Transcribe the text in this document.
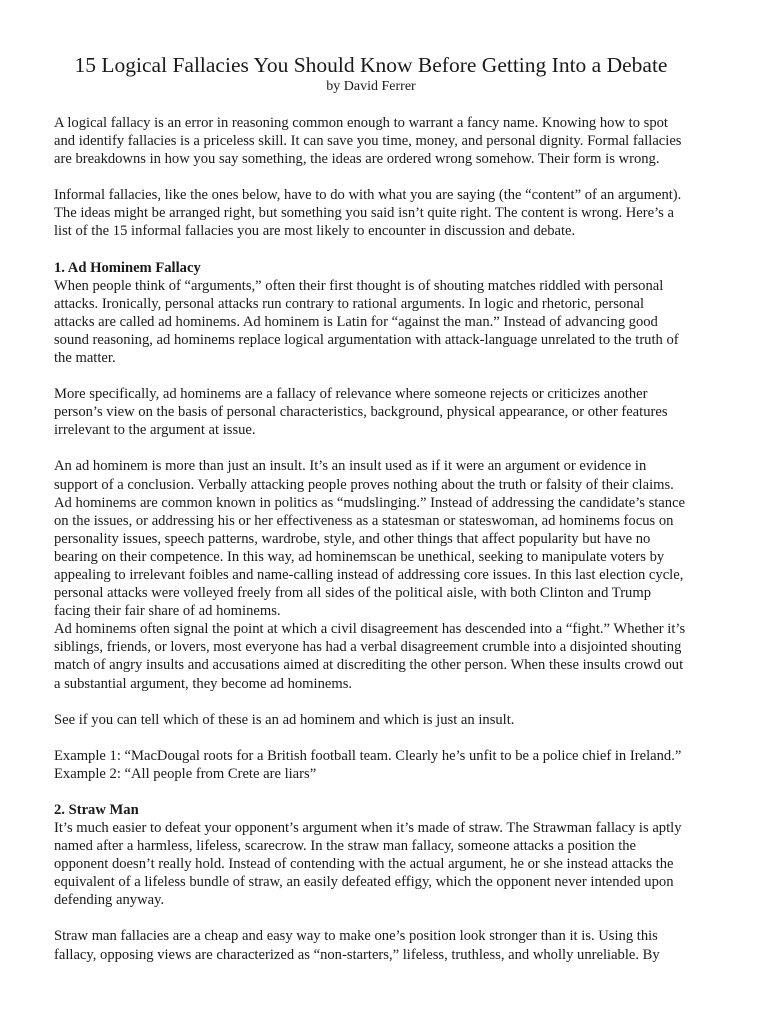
15 Logical Fallacies You Should Know Before Getting Into a Debate
by David Ferrer

A logical fallacy is an error in reasoning common enough to warrant a fancy name. Knowing how to spot and identify fallacies is a priceless skill. It can save you time, money, and personal dignity. Formal fallacies are breakdowns in how you say something, the ideas are ordered wrong somehow. Their form is wrong.

Informal fallacies, like the ones below, have to do with what you are saying (the “content” of an argument). The ideas might be arranged right, but something you said isn’t quite right. The content is wrong. Here’s a list of the 15 informal fallacies you are most likely to encounter in discussion and debate.

1. Ad Hominem Fallacy

When people think of “arguments,” often their first thought is of shouting matches riddled with personal attacks. Ironically, personal attacks run contrary to rational arguments. In logic and rhetoric, personal attacks are called ad hominems. Ad hominem is Latin for “against the man.” Instead of advancing good sound reasoning, ad hominems replace logical argumentation with attack-language unrelated to the truth of the matter.

More specifically, ad hominems are a fallacy of relevance where someone rejects or criticizes another person’s view on the basis of personal characteristics, background, physical appearance, or other features irrelevant to the argument at issue.

An ad hominem is more than just an insult. It’s an insult used as if it were an argument or evidence in support of a conclusion. Verbally attacking people proves nothing about the truth or falsity of their claims. Ad hominems are common known in politics as “mudslinging.” Instead of addressing the candidate’s stance on the issues, or addressing his or her effectiveness as a statesman or stateswoman, ad hominems focus on personality issues, speech patterns, wardrobe, style, and other things that affect popularity but have no bearing on their competence. In this way, ad hominemscan be unethical, seeking to manipulate voters by appealing to irrelevant foibles and name-calling instead of addressing core issues. In this last election cycle, personal attacks were volleyed freely from all sides of the political aisle, with both Clinton and Trump facing their fair share of ad hominems.

Ad hominems often signal the point at which a civil disagreement has descended into a “fight.” Whether it’s siblings, friends, or lovers, most everyone has had a verbal disagreement crumble into a disjointed shouting match of angry insults and accusations aimed at discrediting the other person. When these insults crowd out a substantial argument, they become ad hominems.

See if you can tell which of these is an ad hominem and which is just an insult.

Example 1: “MacDougal roots for a British football team. Clearly he’s unfit to be a police chief in Ireland.”

Example 2: “All people from Crete are liars”

2. Straw Man

It’s much easier to defeat your opponent’s argument when it’s made of straw. The Strawman fallacy is aptly named after a harmless, lifeless, scarecrow. In the straw man fallacy, someone attacks a position the opponent doesn’t really hold. Instead of contending with the actual argument, he or she instead attacks the equivalent of a lifeless bundle of straw, an easily defeated effigy, which the opponent never intended upon defending anyway.

Straw man fallacies are a cheap and easy way to make one’s position look stronger than it is. Using this fallacy, opposing views are characterized as “non-starters,” lifeless, truthless, and wholly unreliable. By
